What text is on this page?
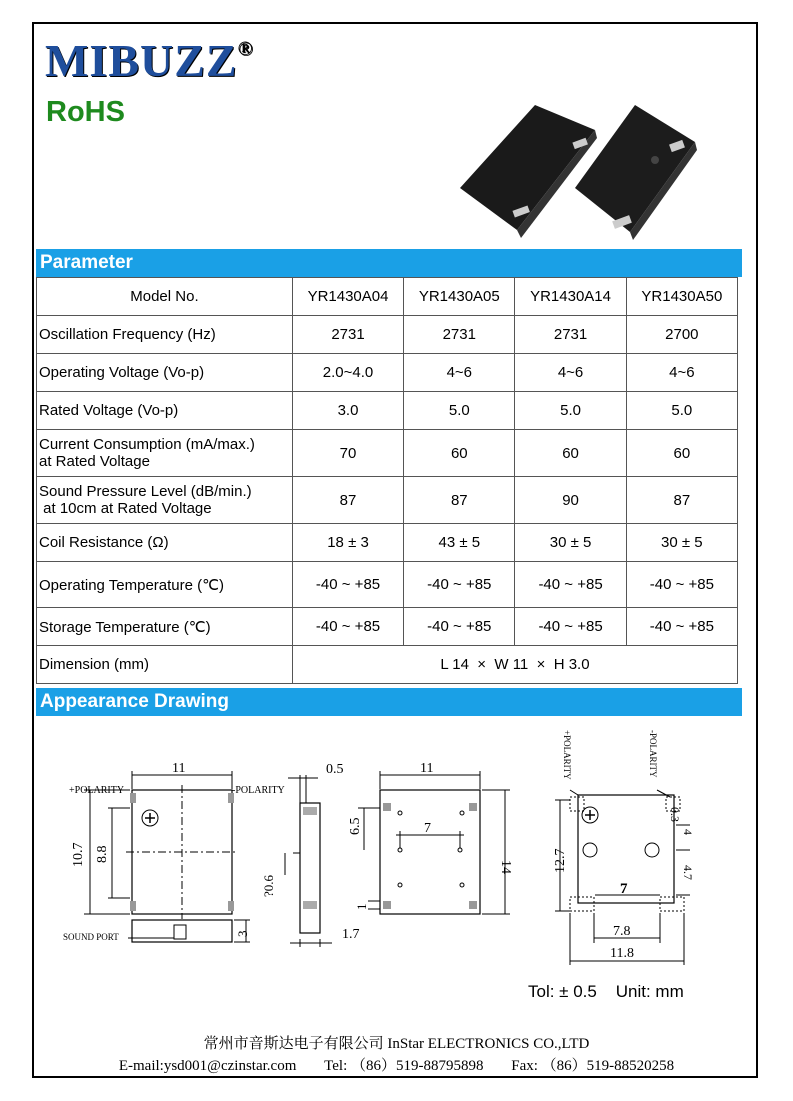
MIBUZZ®
RoHS
Parameter
Model No.	YR1430A04	YR1430A05	YR1430A14	YR1430A50
Oscillation Frequency (Hz)	2731	2731	2731	2700
Operating Voltage (Vo-p)	2.0~4.0	4~6	4~6	4~6
Rated Voltage (Vo-p)	3.0	5.0	5.0	5.0

Current Consumption (mA/max.)
at Rated Voltage	70	60	60	60

Sound Pressure Level (dB/min.)
at 10cm at Rated Voltage	87	87	90	87
Coil Resistance (Ω)	18 ± 3	43 ± 5	30 ± 5	30 ± 5
Operating Temperature (℃)	-40 ~ +85	-40 ~ +85	-40 ~ +85	-40 ~ +85
Storage Temperature (℃)	-40 ~ +85	-40 ~ +85	-40 ~ +85	-40 ~ +85
Dimension (mm)	L 14  ×  W 11  ×  H 3.0			
Appearance Drawing
11
+POLARITY	-POLARITY
10.7 8.8
SOUND PORT	3
0.5
?0.6
1.7
7
11
14
6.5
1
+POLARITY	-POLARITY
12.7
0.3
4
4.7
7
7.8
11.8
Tol: ± 0.5    Unit: mm
常州市音斯达电子有限公司 InStar ELECTRONICS CO.,LTD
E-mail:ysd001@czinstar.com Tel: （86）519-88795898 Fax: （86）519-88520258
